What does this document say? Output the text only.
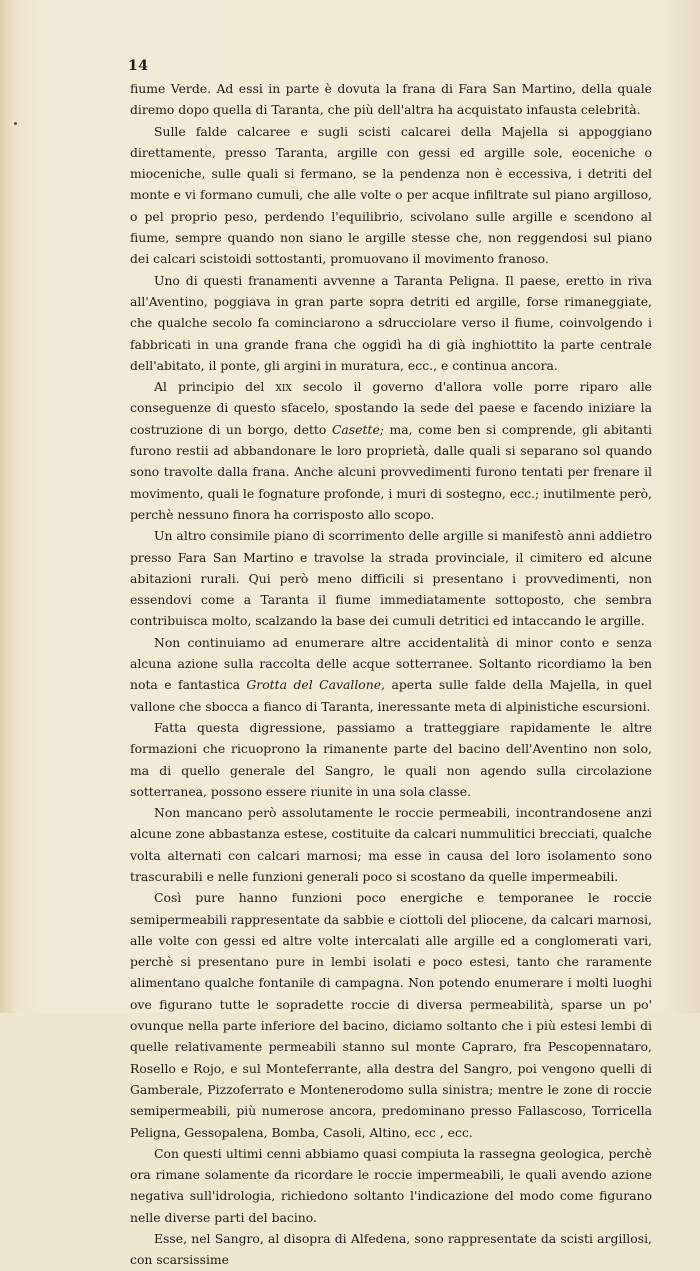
14

fiume Verde. Ad essi in parte è dovuta la frana di Fara San Martino, della quale diremo dopo quella di Taranta, che più dell'altra ha acquistato infausta celebrità.

Sulle falde calcaree e sugli scisti calcarei della Majella si appoggiano direttamente, presso Taranta, argille con gessi ed argille sole, eoceniche o mioceniche, sulle quali si fermano, se la pendenza non è eccessiva, i detriti del monte e vi formano cumuli, che alle volte o per acque infiltrate sul piano argilloso, o pel proprio peso, perdendo l'equilibrio, scivolano sulle argille e scendono al fiume, sempre quando non siano le argille stesse che, non reggendosi sul piano dei calcari scistoidi sottostanti, promuovano il movimento franoso.

Uno di questi franamenti avvenne a Taranta Peligna. Il paese, eretto in riva all'Aventino, poggiava in gran parte sopra detriti ed argille, forse rimaneggiate, che qualche secolo fa cominciarono a sdrucciolare verso il fiume, coinvolgendo i fabbricati in una grande frana che oggidì ha di già inghiottito la parte centrale dell'abitato, il ponte, gli argini in muratura, ecc., e continua ancora.

Al principio del xix secolo il governo d'allora volle porre riparo alle conseguenze di questo sfacelo, spostando la sede del paese e facendo iniziare la costruzione di un borgo, detto Casette; ma, come ben si comprende, gli abitanti furono restii ad abbandonare le loro proprietà, dalle quali si separano sol quando sono travolte dalla frana. Anche alcuni provvedimenti furono tentati per frenare il movimento, quali le fognature profonde, i muri di sostegno, ecc.; inutilmente però, perchè nessuno finora ha corrisposto allo scopo.

Un altro consimile piano di scorrimento delle argille si manifestò anni addietro presso Fara San Martino e travolse la strada provinciale, il cimitero ed alcune abitazioni rurali. Qui però meno difficili si presentano i provvedimenti, non essendovi come a Taranta il fiume immediatamente sottoposto, che sembra contribuisca molto, scalzando la base dei cumuli detritici ed intaccando le argille.

Non continuiamo ad enumerare altre accidentalità di minor conto e senza alcuna azione sulla raccolta delle acque sotterranee. Soltanto ricordiamo la ben nota e fantastica Grotta del Cavallone, aperta sulle falde della Majella, in quel vallone che sbocca a fianco di Taranta, ineressante meta di alpinistiche escursioni.

Fatta questa digressione, passiamo a tratteggiare rapidamente le altre formazioni che ricuoprono la rimanente parte del bacino dell'Aventino non solo, ma di quello generale del Sangro, le quali non agendo sulla circolazione sotterranea, possono essere riunite in una sola classe.

Non mancano però assolutamente le roccie permeabili, incontrandosene anzi alcune zone abbastanza estese, costituite da calcari nummulitici brecciati, qualche volta alternati con calcari marnosi; ma esse in causa del loro isolamento sono trascurabili e nelle funzioni generali poco si scostano da quelle impermeabili.

Così pure hanno funzioni poco energiche e temporanee le roccie semipermeabili rappresentate da sabbie e ciottoli del pliocene, da calcari marnosi, alle volte con gessi ed altre volte intercalati alle argille ed a conglomerati vari, perchè si presentano pure in lembi isolati e poco estesi, tanto che raramente alimentano qualche fontanile di campagna. Non potendo enumerare i molti luoghi ove figurano tutte le sopradette roccie di diversa permeabilità, sparse un po' ovunque nella parte inferiore del bacino, diciamo soltanto che i più estesi lembi di quelle relativamente permeabili stanno sul monte Capraro, fra Pescopennataro, Rosello e Rojo, e sul Monteferrante, alla destra del Sangro, poi vengono quelli di Gamberale, Pizzoferrato e Montenerodomo sulla sinistra; mentre le zone di roccie semipermeabili, più numerose ancora, predominano presso Fallascoso, Torricella Peligna, Gessopalena, Bomba, Casoli, Altino, ecc , ecc.

Con questi ultimi cenni abbiamo quasi compiuta la rassegna geologica, perchè ora rimane solamente da ricordare le roccie impermeabili, le quali avendo azione negativa sull'idrologia, richiedono soltanto l'indicazione del modo come figurano nelle diverse parti del bacino.

Esse, nel Sangro, al disopra di Alfedena, sono rappresentate da scisti argillosi, con scarsissime
